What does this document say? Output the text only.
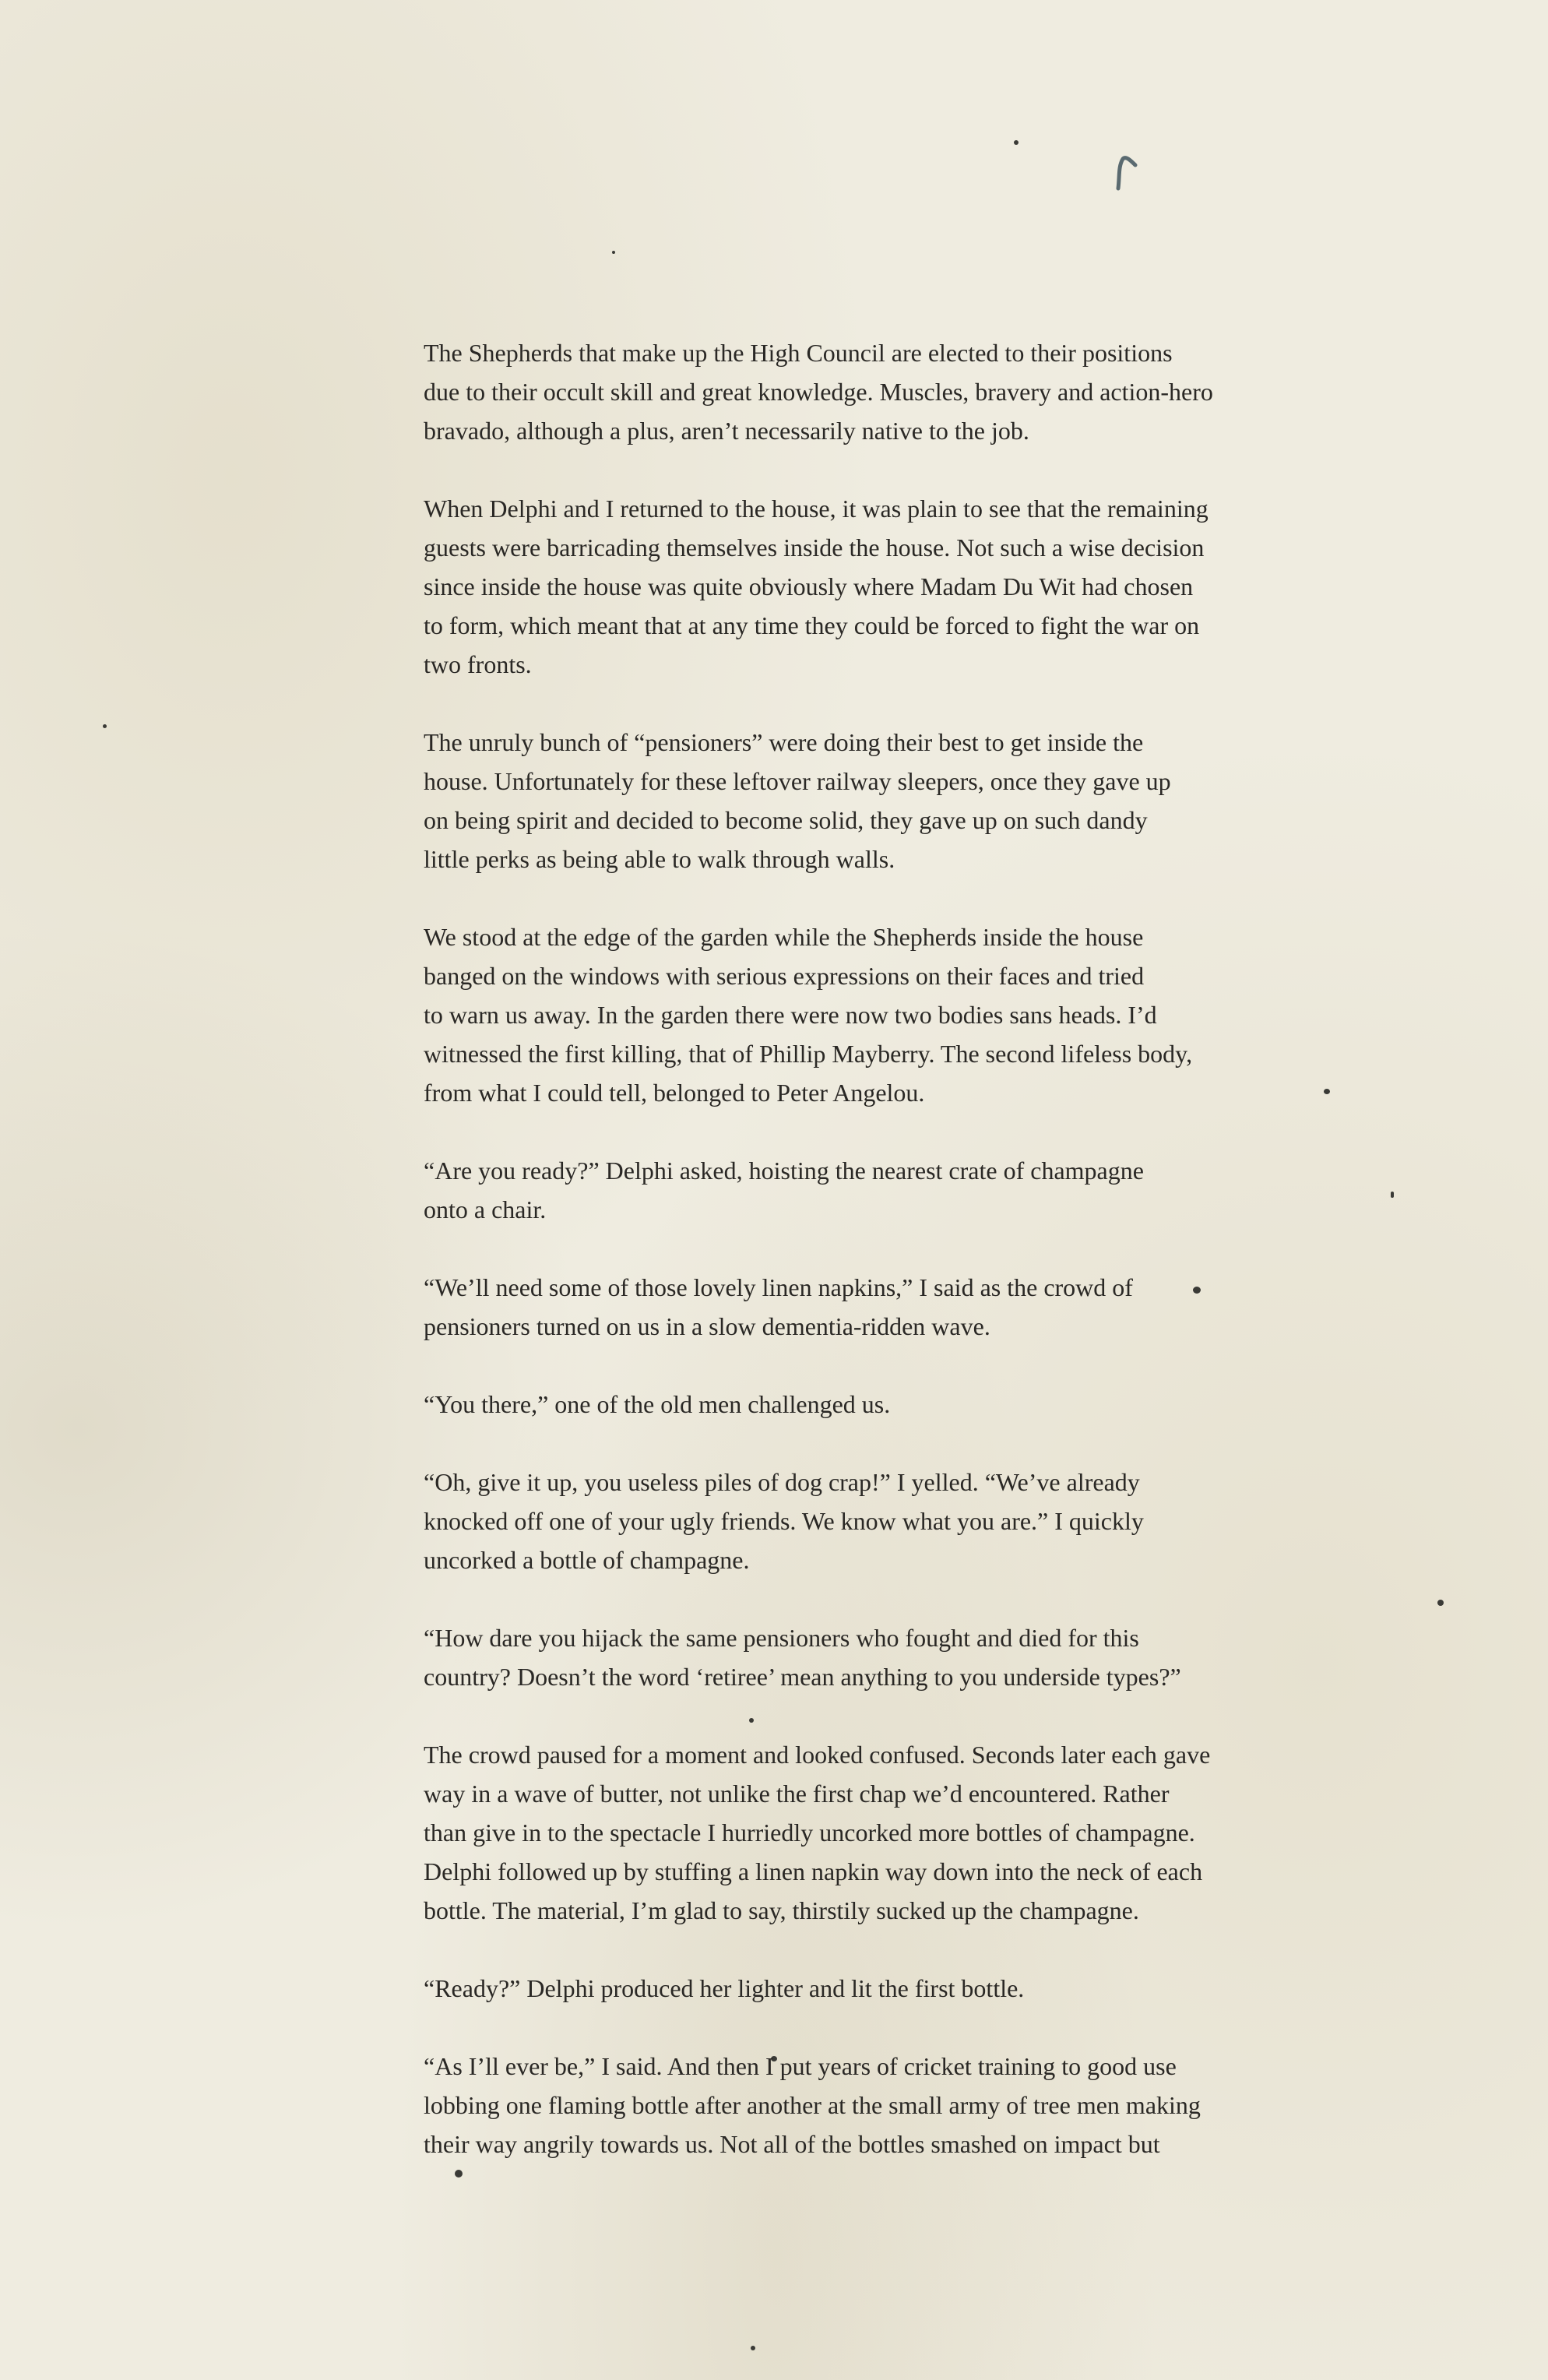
The Shepherds that make up the High Council are elected to their positions
due to their occult skill and great knowledge. Muscles, bravery and action-hero
bravado, although a plus, aren’t necessarily native to the job.

When Delphi and I returned to the house, it was plain to see that the remaining
guests were barricading themselves inside the house. Not such a wise decision
since inside the house was quite obviously where Madam Du Wit had chosen
to form, which meant that at any time they could be forced to fight the war on
two fronts.

The unruly bunch of “pensioners” were doing their best to get inside the
house. Unfortunately for these leftover railway sleepers, once they gave up
on being spirit and decided to become solid, they gave up on such dandy
little perks as being able to walk through walls.

We stood at the edge of the garden while the Shepherds inside the house
banged on the windows with serious expressions on their faces and tried
to warn us away. In the garden there were now two bodies sans heads. I’d
witnessed the first killing, that of Phillip Mayberry. The second lifeless body,
from what I could tell, belonged to Peter Angelou.

“Are you ready?” Delphi asked, hoisting the nearest crate of champagne
onto a chair.

“We’ll need some of those lovely linen napkins,” I said as the crowd of
pensioners turned on us in a slow dementia-ridden wave.

“You there,” one of the old men challenged us.

“Oh, give it up, you useless piles of dog crap!” I yelled. “We’ve already
knocked off one of your ugly friends. We know what you are.” I quickly
uncorked a bottle of champagne.

“How dare you hijack the same pensioners who fought and died for this
country? Doesn’t the word ‘retiree’ mean anything to you underside types?”

The crowd paused for a moment and looked confused. Seconds later each gave
way in a wave of butter, not unlike the first chap we’d encountered. Rather
than give in to the spectacle I hurriedly uncorked more bottles of champagne.
Delphi followed up by stuffing a linen napkin way down into the neck of each
bottle. The material, I’m glad to say, thirstily sucked up the champagne.

“Ready?” Delphi produced her lighter and lit the first bottle.

“As I’ll ever be,” I said. And then I put years of cricket training to good use
lobbing one flaming bottle after another at the small army of tree men making
their way angrily towards us. Not all of the bottles smashed on impact but
